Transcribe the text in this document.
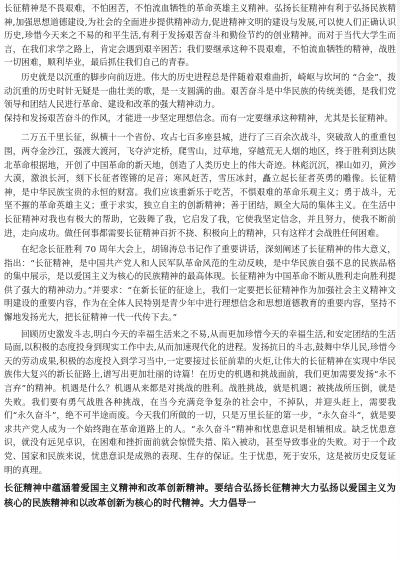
长征精神是不畏艰难，不怕困苦，不怕流血牺牲的革命英雄主义精神。弘扬长征精神有利于弘扬民族精神,加强思想道德建设,为社会的全面进步提供精神动力,促进精神文明的建设与发展,可以使人们正确认识历史,珍惜今天来之不易的和平生活,有利于发扬艰苦奋斗和勤俭节约的创业精神。而对于当代大学生而言，在我们求学之路上，肯定会遇到艰辛困苦；我们要继承这种不畏艰难，不怕流血牺牲的精神，战胜一切困难，顺利毕业，最后抓住我们自己的青春。

历史就是以沉重的脚步向前迈进。伟大的历史进程总是伴随着艰难曲折，崎岖与坎坷的 “合金”，拨动沉重的历史时针无疑是一曲壮美的歌，是一支圆满的曲。艰苦奋斗是中华民族的传统美德，是我们党领导和团结人民进行革命、建设和改革的强大精神动力。

保持和发扬艰苦奋斗的作风，才能进一步坚定理想信念。而有一定要继承这种精神，尤其是长征精神。

二万五千里长征，纵横十一个省份、攻占七百多座县城，进行了三百余次战斗，突破敌人的重重包围，两夺金沙江，强渡大渡河，飞夺泸定桥，爬雪山，过草地，穿越荒无人烟的地区，终于胜利到达陕北革命根据地，开创了中国革命的新天地，创造了人类历史上的伟大奇迹。林彪沉沉，裸山如刃，黄沙大漠，激浪长河，刻下长征者铿锵的足音；寒风赶苦，雪压冰封，矗立起长征者英勇的雕像。长征精神，是中华民族宝贵的永恒的财富。我们应该重新乐于吃苦，不惧艰难的革命乐观主义；勇于战斗，无坚不摧的革命英雄主义；重于求实，独立自主的创新精神；善于团结，顾全大局的集体主义。在生活中长征精神对我也有极大的帮助，它鼓舞了我，它启发了我，它使我坚定信念，并且努力，使我不断前进，走向成功。做任何事都需要长征精神百折不挠、积极向上的精神，只有这样才会战胜任何困难。

在纪念长征胜利 70 周年大会上，胡锦涛总书记作了重要讲话，深刻阐述了长征精神的伟大意义，指出：“长征精神，是中国共产党人和人民军队革命风范的生动反映，是中华民族自强不息的民族品格的集中展示，是以爱国主义为核心的民族精神的最高体现。长征精神为中国革命不断从胜利走向胜利提供了强大的精神动力。”并要求：“在新长征的征途上，我们一定要把长征精神作为加强社会主义精神文明建设的重要内容，作为在全体人民特别是青少年中进行理想信念和思想道德教育的重要内容，坚持不懈地发扬光大，把长征精神一代一代传下去。”

回顾历史激发斗志,明白今天的幸福生活来之不易,从而更加珍惜今天的幸福生活,和安定团结的生活局面,以积极的态度投身到现实工作中去,从而加速现代化的进程。发扬抗日的斗志,鼓舞中华儿民,珍惜今天的劳动成果,积极的态度投入到学习当中,一定要接过长征前辈的火炬,让伟大的长征精神在实现中华民族伟大复兴的新长征路上,谱写出更加壮丽的诗篇！在历史的机遇和挑战面前，我们更加需要发扬“永不言弃”的精神。机遇是什么？机遇从来都是对挑战的胜利。战胜挑战，就是机遇；被挑战所压倒，就是失败。我们要有勇气战胜各种挑战，在当今充满竞争复杂的社会中，不掉队，并迎头赶上，需要我们“永久奋斗”，绝不可半途而废。今天我们所做的一切，只是万里长征的第一步，“永久奋斗”，就是要求共产党人成为一个始终跑在革命道路上的人。“永久奋斗”精神和忧患意识是相辅相成。缺乏忧患意识，就没有远见卓识，在困难和挫折面前就会惊慌失措、陷入被动，甚至导致事业的失败。对于一个政党、国家和民族来说，忧患意识是成熟的表现、生存的保证。生于忧患，死于安乐，这是被历史反复证明的真理。

长征精神中蕴涵着爱国主义精神和改革创新精神。要结合弘扬长征精神大力弘扬以爱国主义为核心的民族精神和以改革创新为核心的时代精神。大力倡导一
